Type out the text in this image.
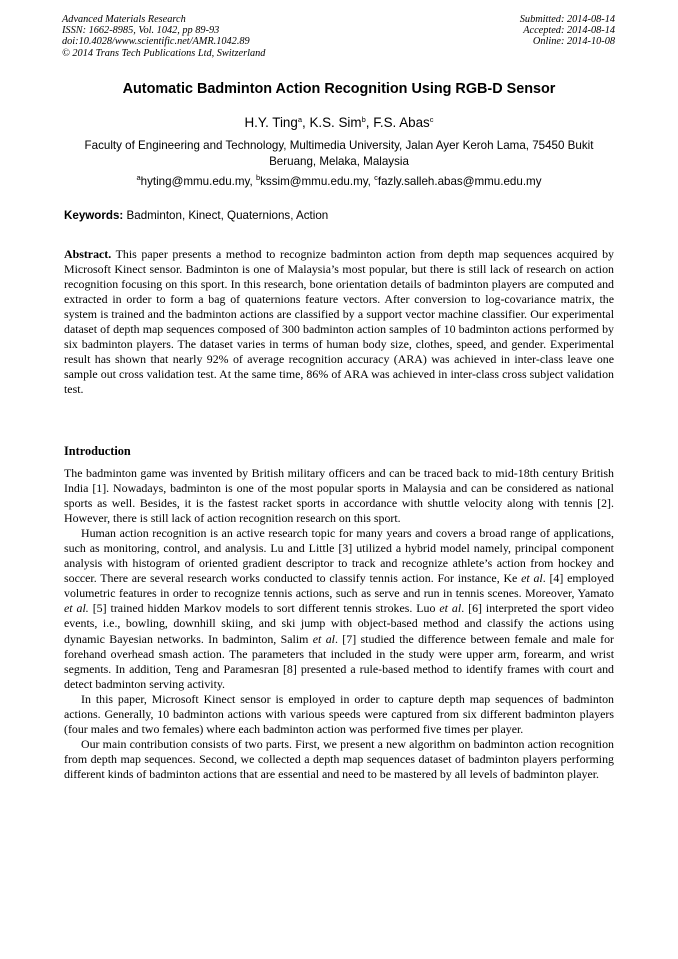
Advanced Materials Research
ISSN: 1662-8985, Vol. 1042, pp 89-93
doi:10.4028/www.scientific.net/AMR.1042.89
© 2014 Trans Tech Publications Ltd, Switzerland
Submitted: 2014-08-14
Accepted: 2014-08-14
Online: 2014-10-08
Automatic Badminton Action Recognition Using RGB-D Sensor
H.Y. Ting$^a$, K.S. Sim$^b$, F.S. Abas$^c$
Faculty of Engineering and Technology, Multimedia University, Jalan Ayer Keroh Lama, 75450 Bukit Beruang, Melaka, Malaysia
$^a$hyting@mmu.edu.my, $^b$kssim@mmu.edu.my, $^c$fazly.salleh.abas@mmu.edu.my
Keywords: Badminton, Kinect, Quaternions, Action
Abstract. This paper presents a method to recognize badminton action from depth map sequences acquired by Microsoft Kinect sensor. Badminton is one of Malaysia’s most popular, but there is still lack of research on action recognition focusing on this sport. In this research, bone orientation details of badminton players are computed and extracted in order to form a bag of quaternions feature vectors. After conversion to log-covariance matrix, the system is trained and the badminton actions are classified by a support vector machine classifier. Our experimental dataset of depth map sequences composed of 300 badminton action samples of 10 badminton actions performed by six badminton players. The dataset varies in terms of human body size, clothes, speed, and gender. Experimental result has shown that nearly 92% of average recognition accuracy (ARA) was achieved in inter-class leave one sample out cross validation test. At the same time, 86% of ARA was achieved in inter-class cross subject validation test.
Introduction

The badminton game was invented by British military officers and can be traced back to mid-18th century British India [1]. Nowadays, badminton is one of the most popular sports in Malaysia and can be considered as national sports as well. Besides, it is the fastest racket sports in accordance with shuttle velocity along with tennis [2]. However, there is still lack of action recognition research on this sport.

Human action recognition is an active research topic for many years and covers a broad range of applications, such as monitoring, control, and analysis. Lu and Little [3] utilized a hybrid model namely, principal component analysis with histogram of oriented gradient descriptor to track and recognize athlete’s action from hockey and soccer. There are several research works conducted to classify tennis action. For instance, Ke et al. [4] employed volumetric features in order to recognize tennis actions, such as serve and run in tennis scenes. Moreover, Yamato et al. [5] trained hidden Markov models to sort different tennis strokes. Luo et al. [6] interpreted the sport video events, i.e., bowling, downhill skiing, and ski jump with object-based method and classify the actions using dynamic Bayesian networks. In badminton, Salim et al. [7] studied the difference between female and male for forehand overhead smash action. The parameters that included in the study were upper arm, forearm, and wrist segments. In addition, Teng and Paramesran [8] presented a rule-based method to identify frames with court and detect badminton serving activity.

In this paper, Microsoft Kinect sensor is employed in order to capture depth map sequences of badminton actions. Generally, 10 badminton actions with various speeds were captured from six different badminton players (four males and two females) where each badminton action was performed five times per player.

Our main contribution consists of two parts. First, we present a new algorithm on badminton action recognition from depth map sequences. Second, we collected a depth map sequences dataset of badminton players performing different kinds of badminton actions that are essential and need to be mastered by all levels of badminton player.
